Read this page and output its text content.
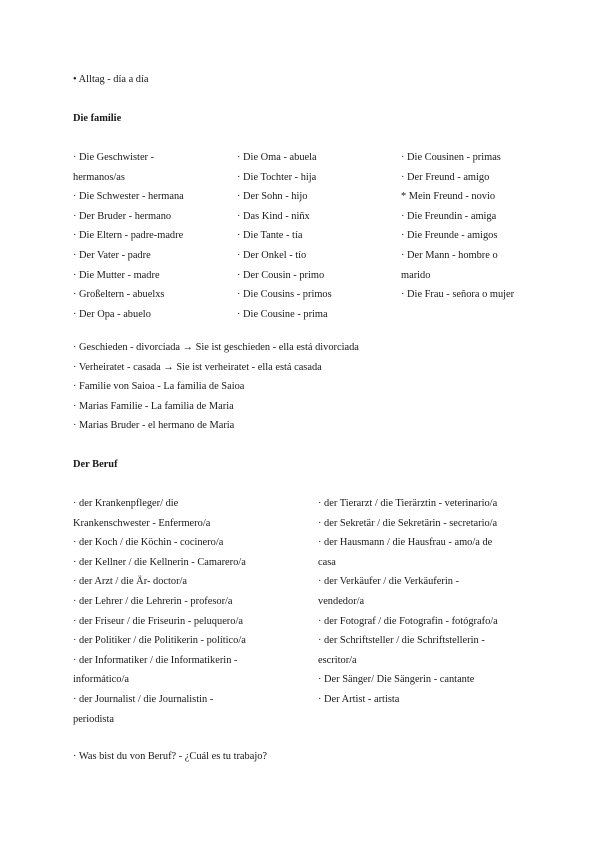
• Alltag - día a día
Die familie
· Die Geschwister -
hermanos/as
· Die Schwester - hermana
· Der Bruder - hermano
· Die Eltern - padre-madre
· Der Vater - padre
· Die Mutter - madre
· Großeltern - abuelxs
· Der Opa - abuelo
· Die Oma - abuela
· Die Tochter - hija
· Der Sohn - hijo
· Das Kind - niñx
· Die Tante - tía
· Der Onkel - tío
· Der Cousin - primo
· Die Cousins - primos
· Die Cousine - prima
· Die Cousinen - primas
· Der Freund - amigo
* Mein Freund - novio
· Die Freundin - amiga
· Die Freunde - amigos
· Der Mann - hombre o
marido
· Die Frau - señora o mujer
· Geschieden - divorciada → Sie ist geschieden - ella está divorciada
· Verheiratet - casada → Sie ist verheiratet - ella está casada
· Familie von Saioa - La familia de Saioa
· Marias Familie - La familia de Maria
· Marias Bruder - el hermano de Maria
Der Beruf
· der Krankenpfleger/ die
Krankenschwester - Enfermero/a
· der Koch / die Köchin - cocinero/a
· der Kellner / die Kellnerin - Camarero/a
· der Arzt / die Är- doctor/a
· der Lehrer / die Lehrerin - profesor/a
· der Friseur / die Friseurin - peluquero/a
· der Politiker / die Politikerin - político/a
· der Informatiker / die Informatikerin -
informático/a
· der Journalist / die Journalistin -
periodista
· der Tierarzt / die Tierärztin - veterinario/a
· der Sekretär / die Sekretärin - secretario/a
· der Hausmann / die Hausfrau - amo/a de
casa
· der Verkäufer / die Verkäuferin -
vendedor/a
· der Fotograf / die Fotografin - fotógrafo/a
· der Schriftsteller / die Schriftstellerin -
escritor/a
· Der Sänger/ Die Sängerin - cantante
· Der Artist - artista
· Was bist du von Beruf? - ¿Cuál es tu trabajo?
